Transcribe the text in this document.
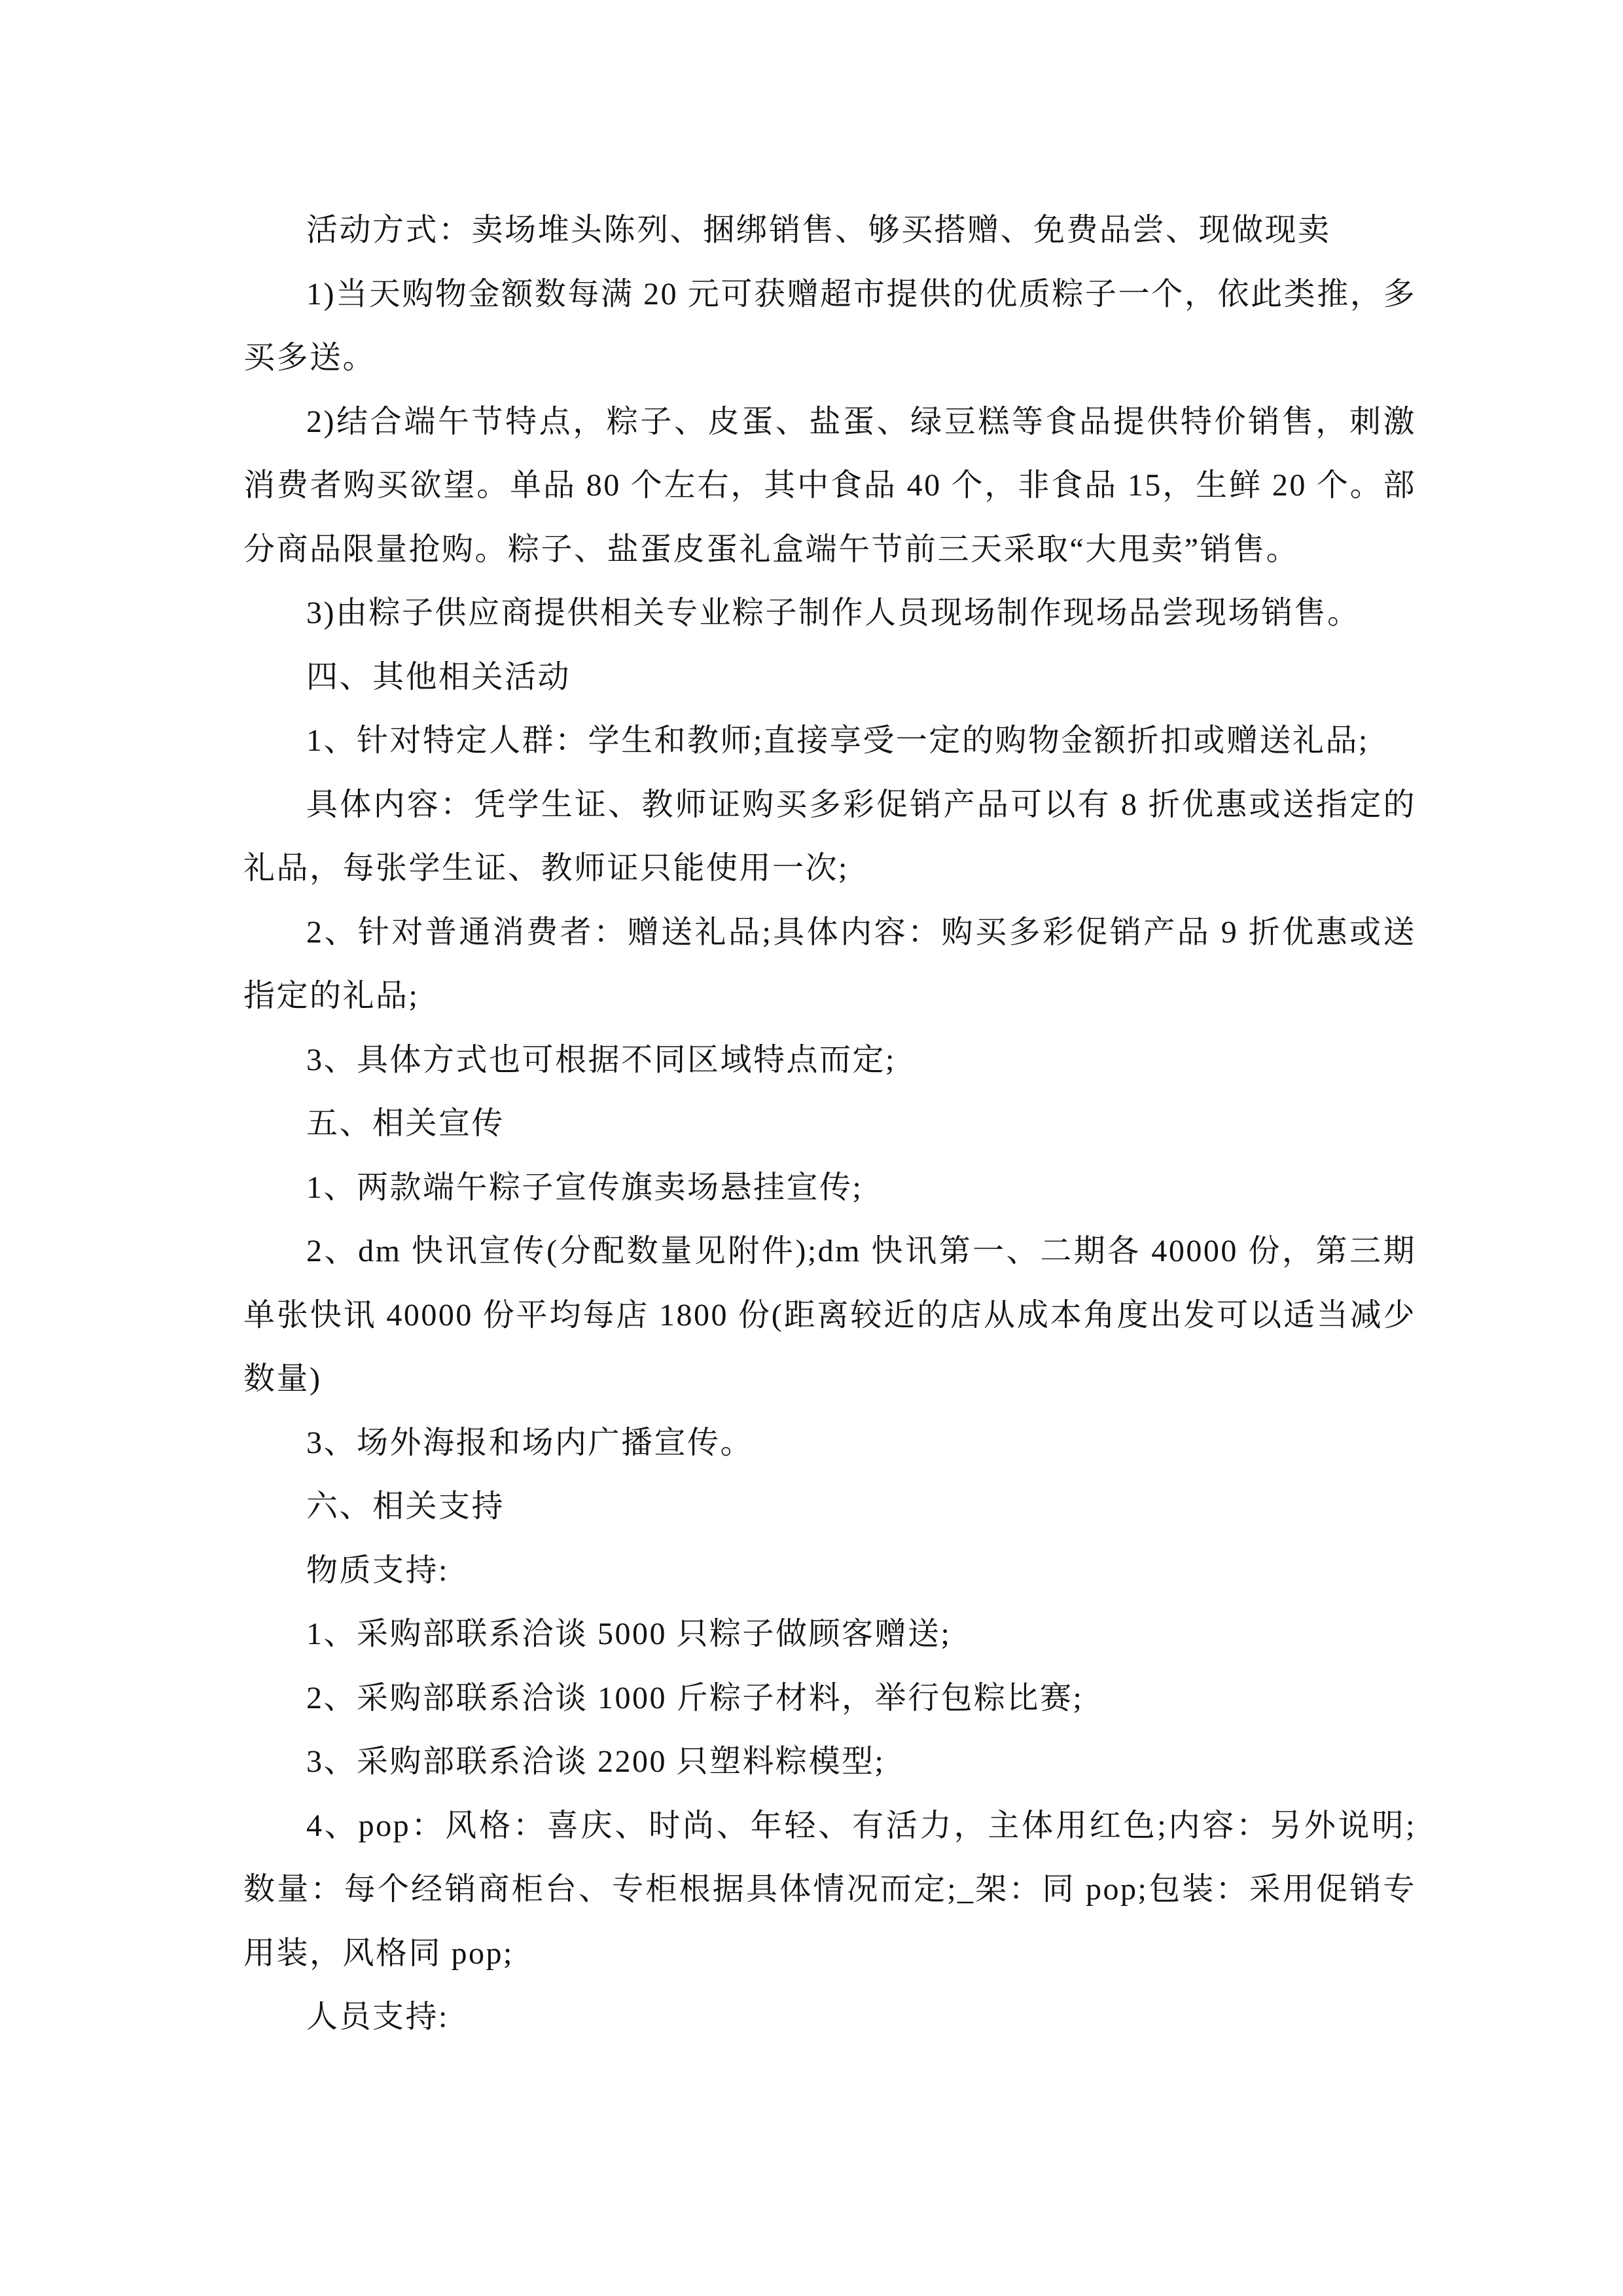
活动方式：卖场堆头陈列、捆绑销售、够买搭赠、免费品尝、现做现卖

1)当天购物金额数每满 20 元可获赠超市提供的优质粽子一个，依此类推，多买多送。

2)结合端午节特点，粽子、皮蛋、盐蛋、绿豆糕等食品提供特价销售，刺激消费者购买欲望。单品 80 个左右，其中食品 40 个，非食品 15，生鲜 20 个。部分商品限量抢购。粽子、盐蛋皮蛋礼盒端午节前三天采取“大甩卖”销售。

3)由粽子供应商提供相关专业粽子制作人员现场制作现场品尝现场销售。

四、其他相关活动

1、针对特定人群：学生和教师;直接享受一定的购物金额折扣或赠送礼品;

具体内容：凭学生证、教师证购买多彩促销产品可以有 8 折优惠或送指定的礼品，每张学生证、教师证只能使用一次;

2、针对普通消费者：赠送礼品;具体内容：购买多彩促销产品 9 折优惠或送指定的礼品;

3、具体方式也可根据不同区域特点而定;

五、相关宣传

1、两款端午粽子宣传旗卖场悬挂宣传;

2、dm 快讯宣传(分配数量见附件);dm 快讯第一、二期各 40000 份，第三期单张快讯 40000 份平均每店 1800 份(距离较近的店从成本角度出发可以适当减少数量)

3、场外海报和场内广播宣传。

六、相关支持

物质支持:

1、采购部联系洽谈 5000 只粽子做顾客赠送;

2、采购部联系洽谈 1000 斤粽子材料，举行包粽比赛;

3、采购部联系洽谈 2200 只塑料粽模型;

4、pop：风格：喜庆、时尚、年轻、有活力，主体用红色;内容：另外说明;数量：每个经销商柜台、专柜根据具体情况而定;_架：同 pop;包装：采用促销专用装，风格同 pop;

人员支持:
